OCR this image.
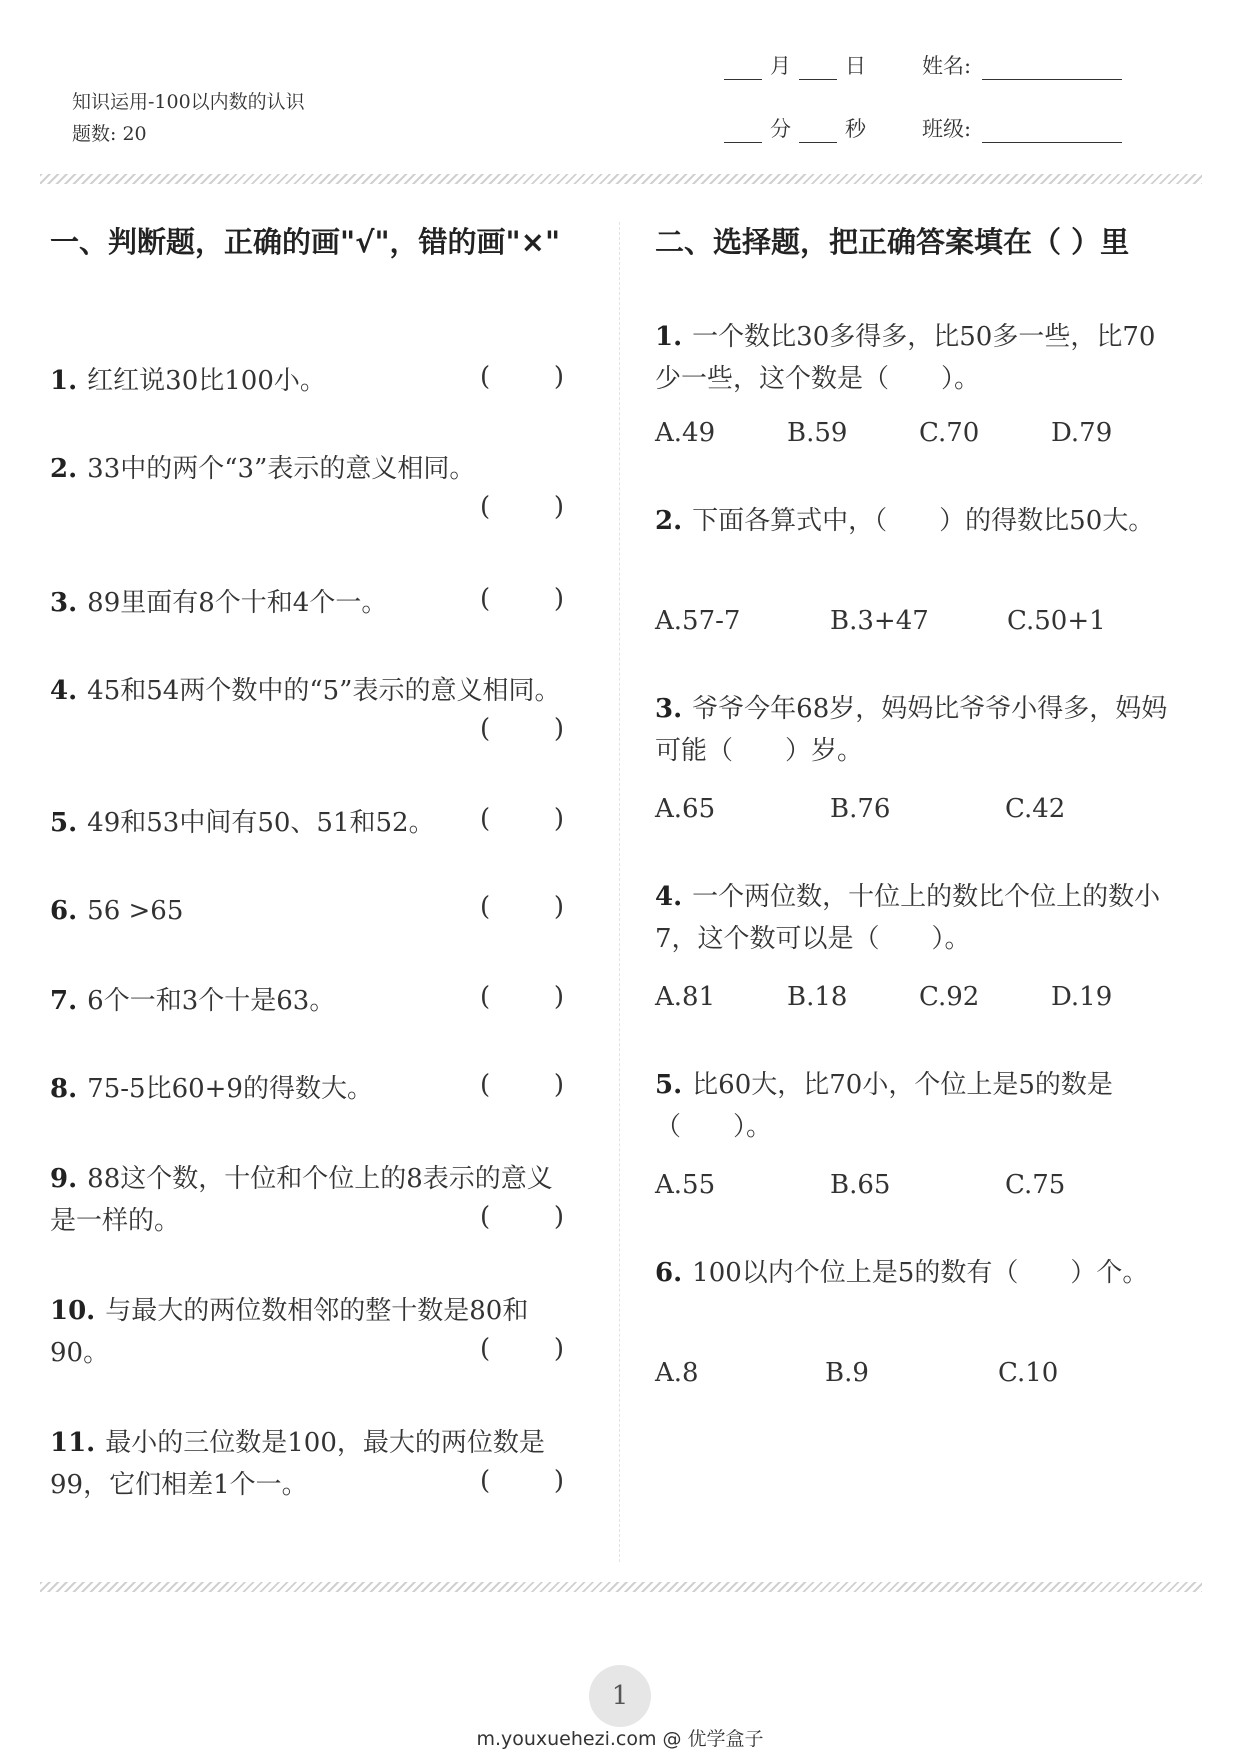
知识运用-100以内数的认识
题数: 20
月	日	姓名:
分	秒	班级:
一、判断题，正确的画"√"，错的画"×"
1. 红红说30比100小。	( )
2. 33中的两个“3”表示的意义相同。
( )
3. 89里面有8个十和4个一。	( )
4. 45和54两个数中的“5”表示的意义相同。
( )
5. 49和53中间有50、51和52。	( )
6. 56 >65	( )
7. 6个一和3个十是63。	( )
8. 75-5比60+9的得数大。	( )
9. 88这个数，十位和个位上的8表示的意义是一样的。	( )
10. 与最大的两位数相邻的整十数是80和90。	( )
11. 最小的三位数是100，最大的两位数是99，它们相差1个一。	( )
二、选择题，把正确答案填在（ ）里
1. 一个数比30多得多，比50多一些，比70少一些，这个数是（　　）。
A.49	B.59	C.70	D.79
2. 下面各算式中，（　　）的得数比50大。
A.57-7	B.3+47	C.50+1
3. 爷爷今年68岁，妈妈比爷爷小得多，妈妈可能（　　）岁。
A.65	B.76	C.42
4. 一个两位数，十位上的数比个位上的数小7，这个数可以是（　　）。
A.81	B.18	C.92	D.19
5. 比60大，比70小，个位上是5的数是（　　）。
A.55	B.65	C.75
6. 100以内个位上是5的数有（　　）个。
A.8	B.9	C.10
1
m.youxuehezi.com @ 优学盒子
